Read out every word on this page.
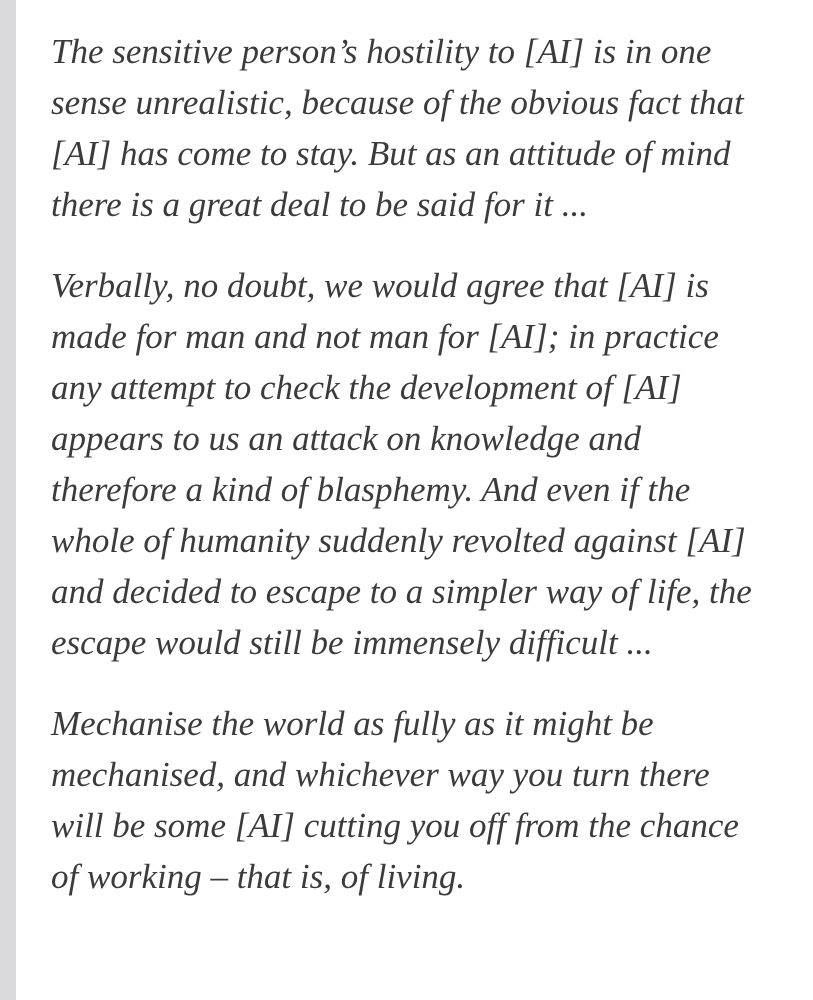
The sensitive person’s hostility to [AI] is in one sense unrealistic, because of the obvious fact that [AI] has come to stay. But as an attitude of mind there is a great deal to be said for it ...

Verbally, no doubt, we would agree that [AI] is made for man and not man for [AI]; in practice any attempt to check the development of [AI] appears to us an attack on knowledge and therefore a kind of blasphemy. And even if the whole of humanity suddenly revolted against [AI] and decided to escape to a simpler way of life, the escape would still be immensely difficult ...

Mechanise the world as fully as it might be mechanised, and whichever way you turn there will be some [AI] cutting you off from the chance of working – that is, of living.
